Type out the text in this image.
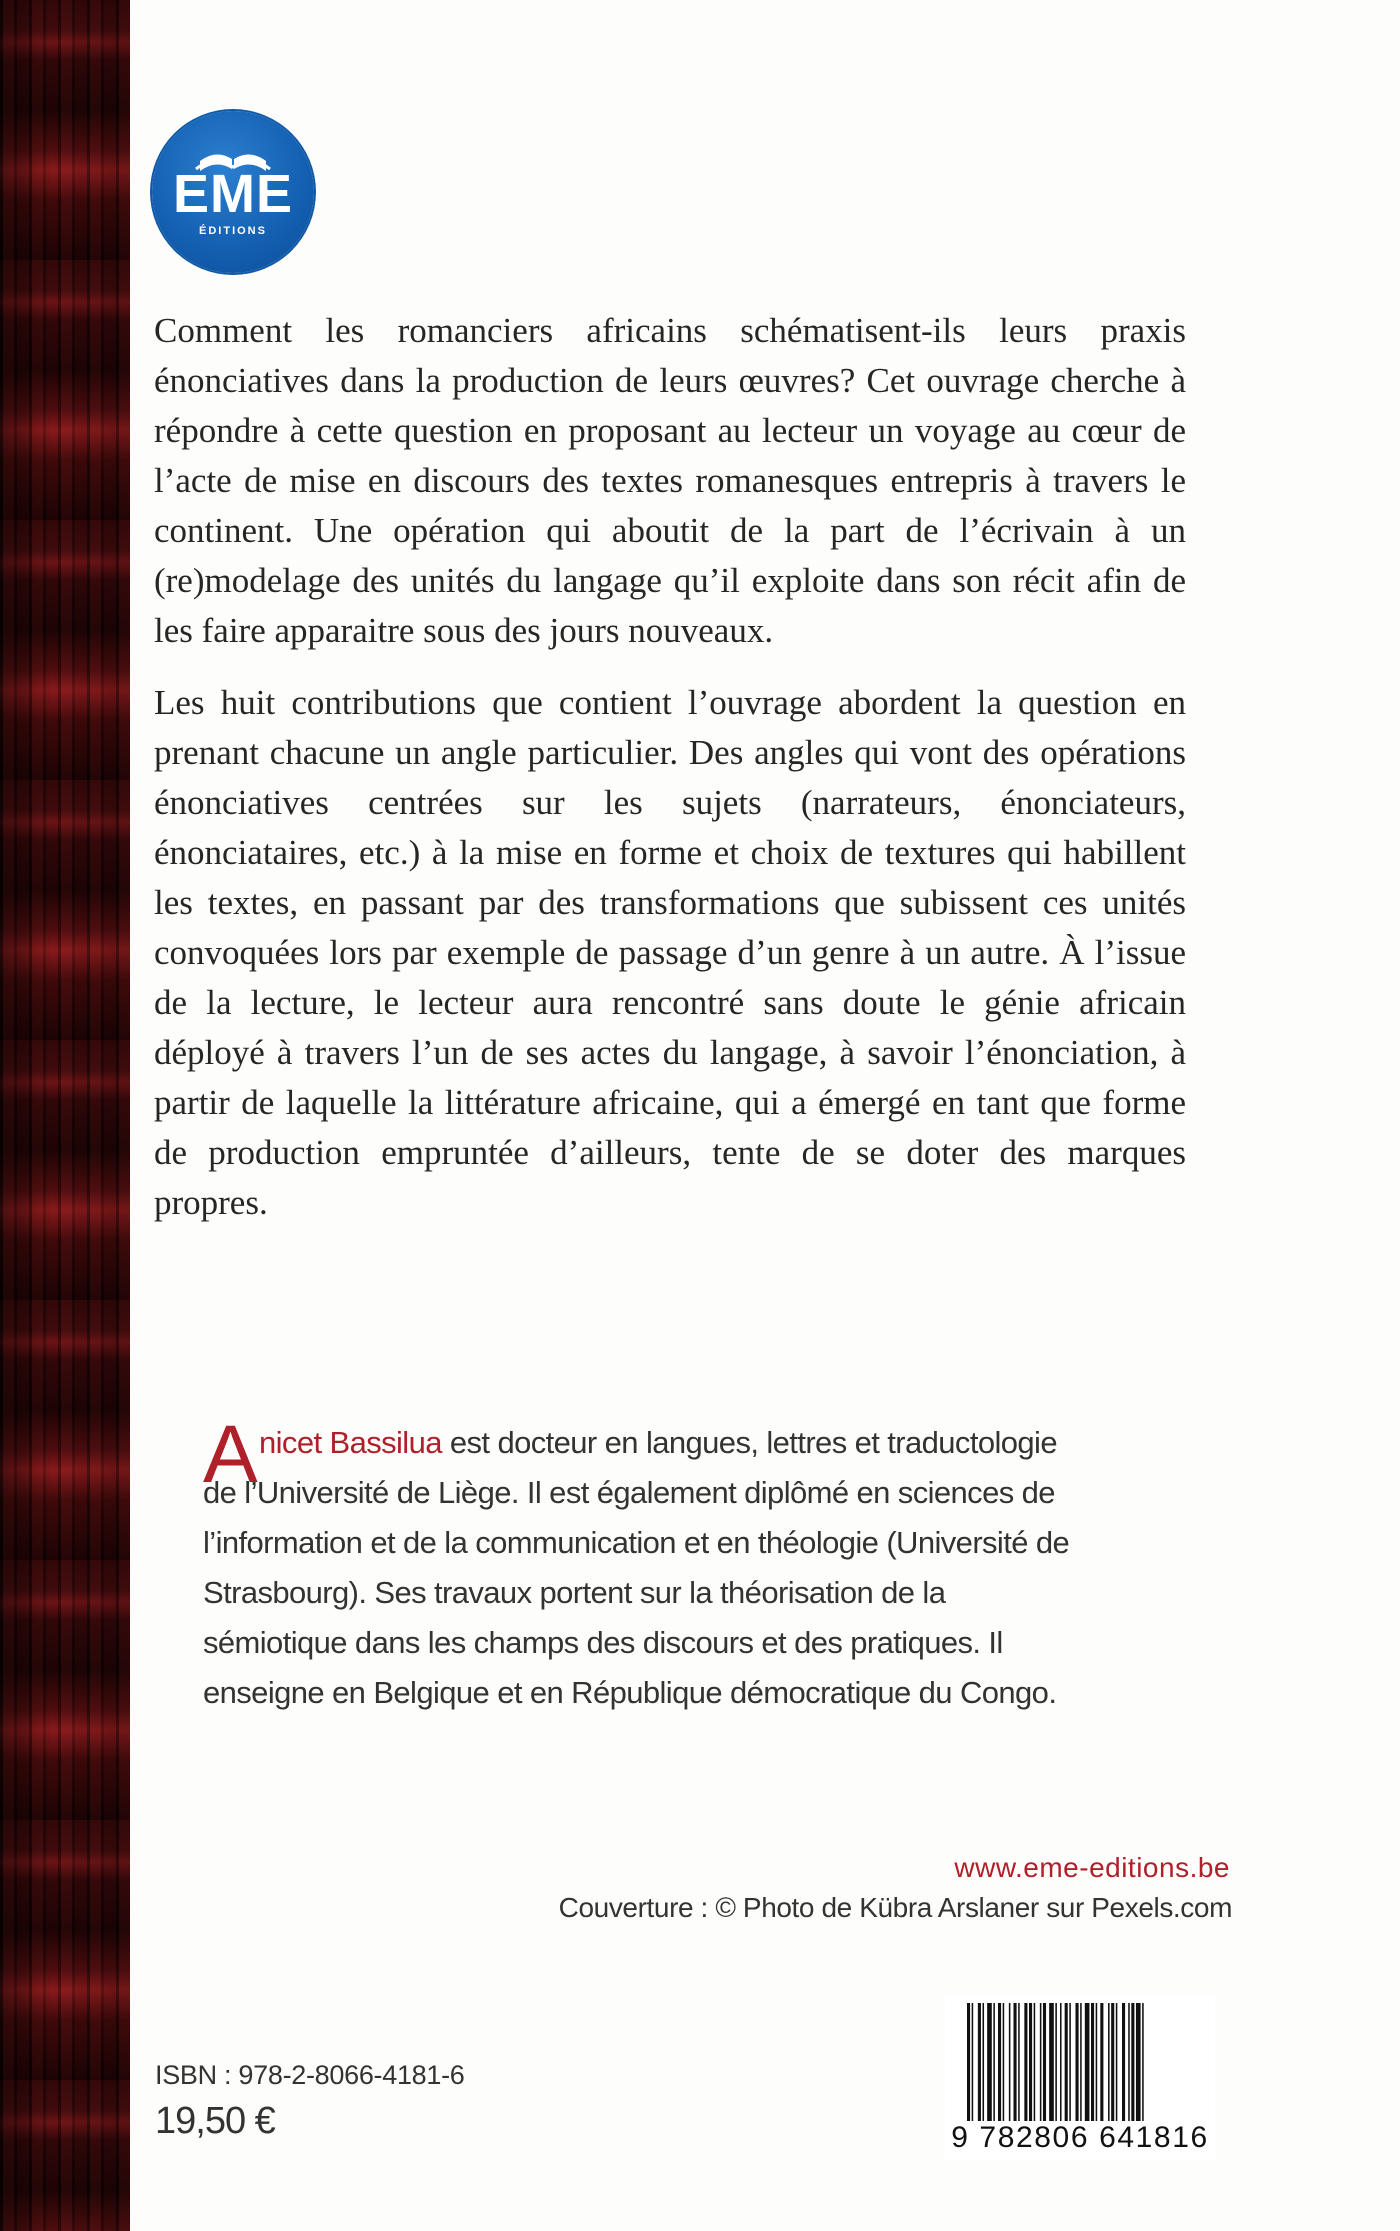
EME
ÉDITIONS

Comment les romanciers africains schématisent-ils leurs praxis énonciatives dans la production de leurs œuvres? Cet ouvrage cherche à répondre à cette question en proposant au lecteur un voyage au cœur de l’acte de mise en discours des textes romanesques entrepris à travers le continent. Une opération qui aboutit de la part de l’écrivain à un (re)modelage des unités du langage qu’il exploite dans son récit afin de les faire apparaitre sous des jours nouveaux.

Les huit contributions que contient l’ouvrage abordent la question en prenant chacune un angle particulier. Des angles qui vont des opérations énonciatives centrées sur les sujets (narrateurs, énonciateurs, énonciataires, etc.) à la mise en forme et choix de textures qui habillent les textes, en passant par des transformations que subissent ces unités convoquées lors par exemple de passage d’un genre à un autre. À l’issue de la lecture, le lecteur aura rencontré sans doute le génie africain déployé à travers l’un de ses actes du langage, à savoir l’énonciation, à partir de laquelle la littérature africaine, qui a émergé en tant que forme de production empruntée d’ailleurs, tente de se doter des marques propres.

A nicet Bassilua est docteur en langues, lettres et traductologie de l’Université de Liège. Il est également diplômé en sciences de l’information et de la communication et en théologie (Université de Strasbourg). Ses travaux portent sur la théorisation de la sémiotique dans les champs des discours et des pratiques. Il enseigne en Belgique et en République démocratique du Congo.
www.eme-editions.be
Couverture : © Photo de Kübra Arslaner sur Pexels.com
ISBN : 978-2-8066-4181-6
19,50 €	9 782806 641816
